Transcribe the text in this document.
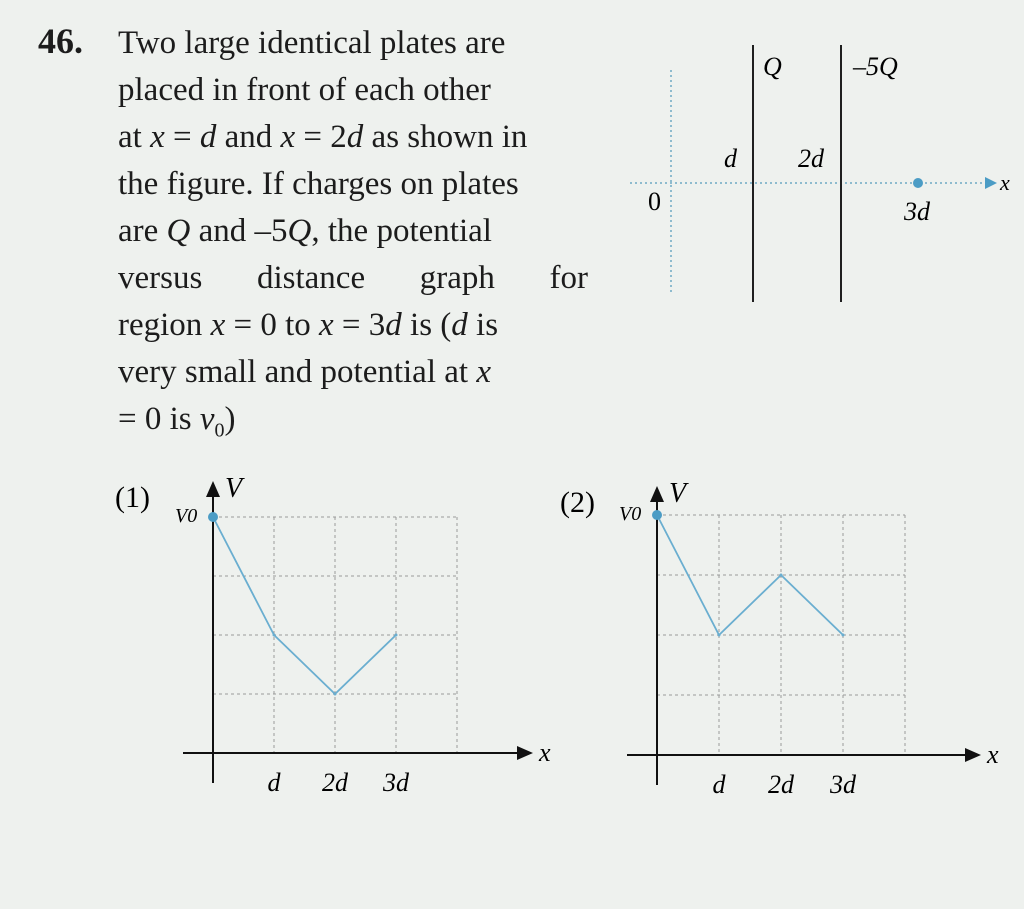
46. Two large identical plates are
placed in front of each other
at x = d and x = 2d as shown in
the figure. If charges on plates
are Q and –5Q, the potential
versus distance graph for
region x = 0 to x = 3d is (d is
very small and potential at x
= 0 is $v_0$)
Q	–5Q
d 2d
0	3d
x
(1)	V
x
V0
d 2d 3d
(2)	V
x
V0
d 2d 3d
